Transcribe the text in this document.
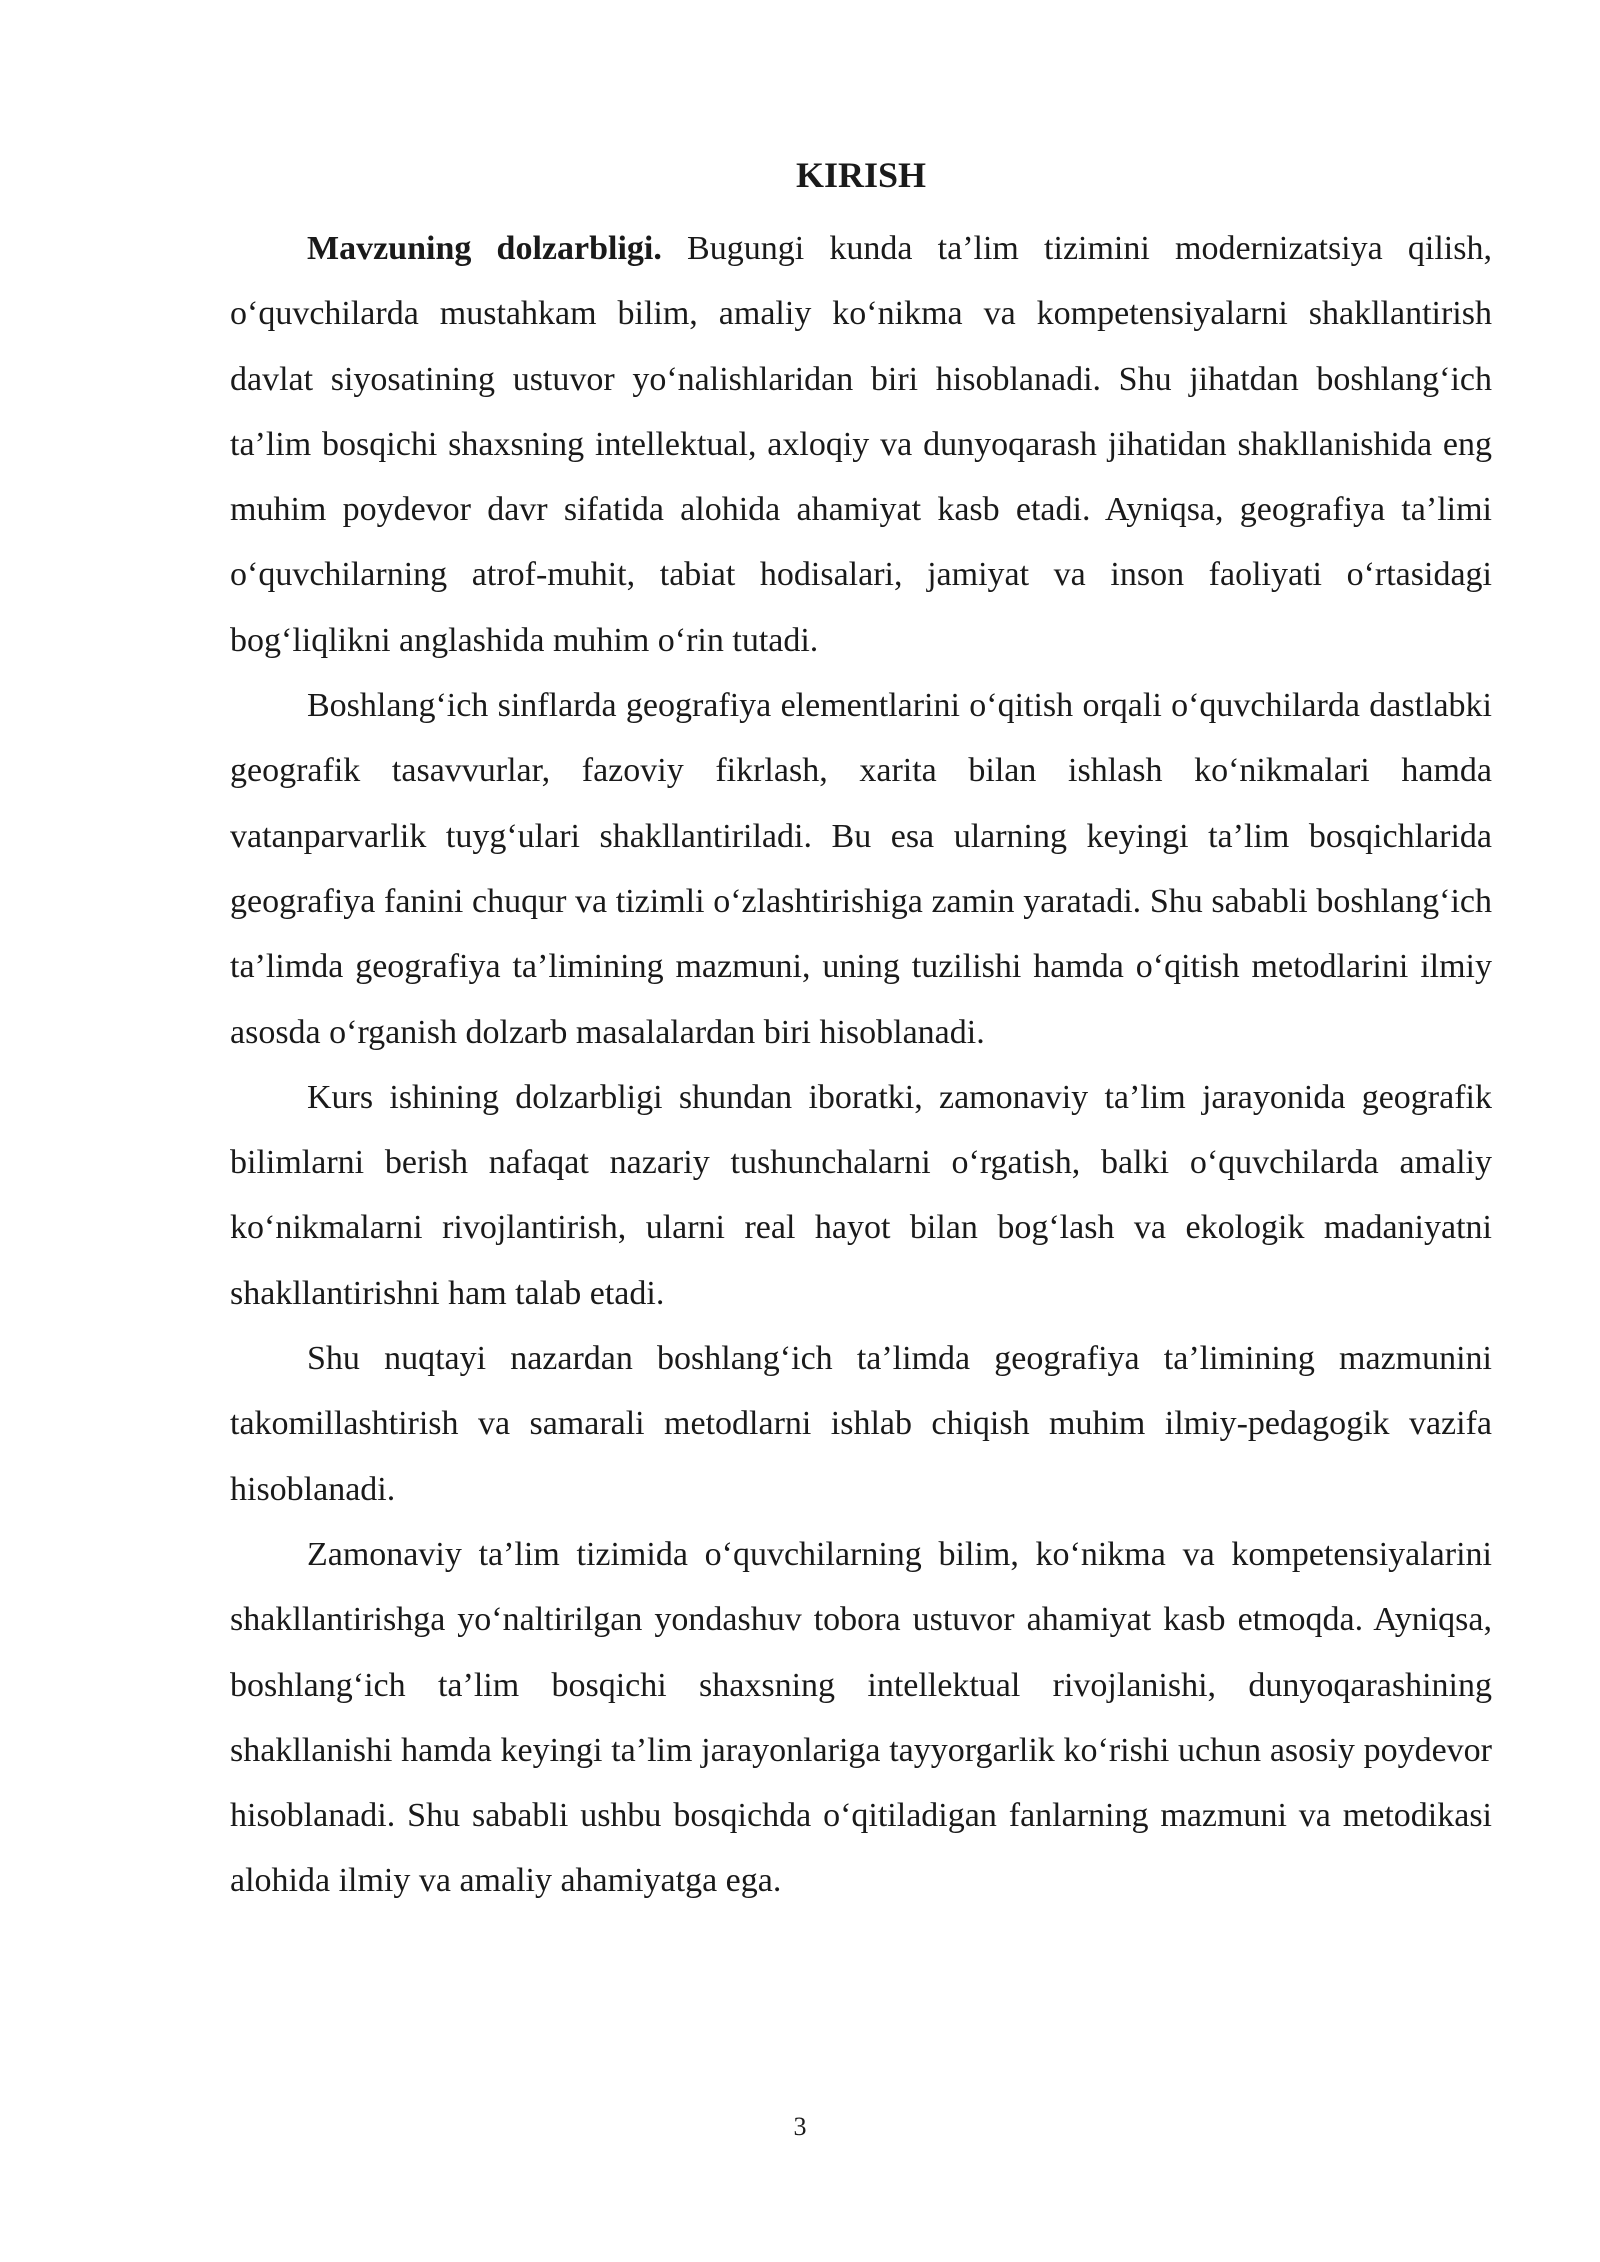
KIRISH

Mavzuning dolzarbligi. Bugungi kunda ta’lim tizimini modernizatsiya qilish, o‘quvchilarda mustahkam bilim, amaliy ko‘nikma va kompetensiyalarni shakllantirish davlat siyosatining ustuvor yo‘nalishlaridan biri hisoblanadi. Shu jihatdan boshlang‘ich ta’lim bosqichi shaxsning intellektual, axloqiy va dunyoqarash jihatidan shakllanishida eng muhim poydevor davr sifatida alohida ahamiyat kasb etadi. Ayniqsa, geografiya ta’limi o‘quvchilarning atrof-muhit, tabiat hodisalari, jamiyat va inson faoliyati o‘rtasidagi bog‘liqlikni anglashida muhim o‘rin tutadi.

Boshlang‘ich sinflarda geografiya elementlarini o‘qitish orqali o‘quvchilarda dastlabki geografik tasavvurlar, fazoviy fikrlash, xarita bilan ishlash ko‘nikmalari hamda vatanparvarlik tuyg‘ulari shakllantiriladi. Bu esa ularning keyingi ta’lim bosqichlarida geografiya fanini chuqur va tizimli o‘zlashtirishiga zamin yaratadi. Shu sababli boshlang‘ich ta’limda geografiya ta’limining mazmuni, uning tuzilishi hamda o‘qitish metodlarini ilmiy asosda o‘rganish dolzarb masalalardan biri hisoblanadi.

Kurs ishining dolzarbligi shundan iboratki, zamonaviy ta’lim jarayonida geografik bilimlarni berish nafaqat nazariy tushunchalarni o‘rgatish, balki o‘quvchilarda amaliy ko‘nikmalarni rivojlantirish, ularni real hayot bilan bog‘lash va ekologik madaniyatni shakllantirishni ham talab etadi.

Shu nuqtayi nazardan boshlang‘ich ta’limda geografiya ta’limining mazmunini takomillashtirish va samarali metodlarni ishlab chiqish muhim ilmiy-pedagogik vazifa hisoblanadi.

Zamonaviy ta’lim tizimida o‘quvchilarning bilim, ko‘nikma va kompetensiyalarini shakllantirishga yo‘naltirilgan yondashuv tobora ustuvor ahamiyat kasb etmoqda. Ayniqsa, boshlang‘ich ta’lim bosqichi shaxsning intellektual rivojlanishi, dunyoqarashining shakllanishi hamda keyingi ta’lim jarayonlariga tayyorgarlik ko‘rishi uchun asosiy poydevor hisoblanadi. Shu sababli ushbu bosqichda o‘qitiladigan fanlarning mazmuni va metodikasi alohida ilmiy va amaliy ahamiyatga ega.

3
